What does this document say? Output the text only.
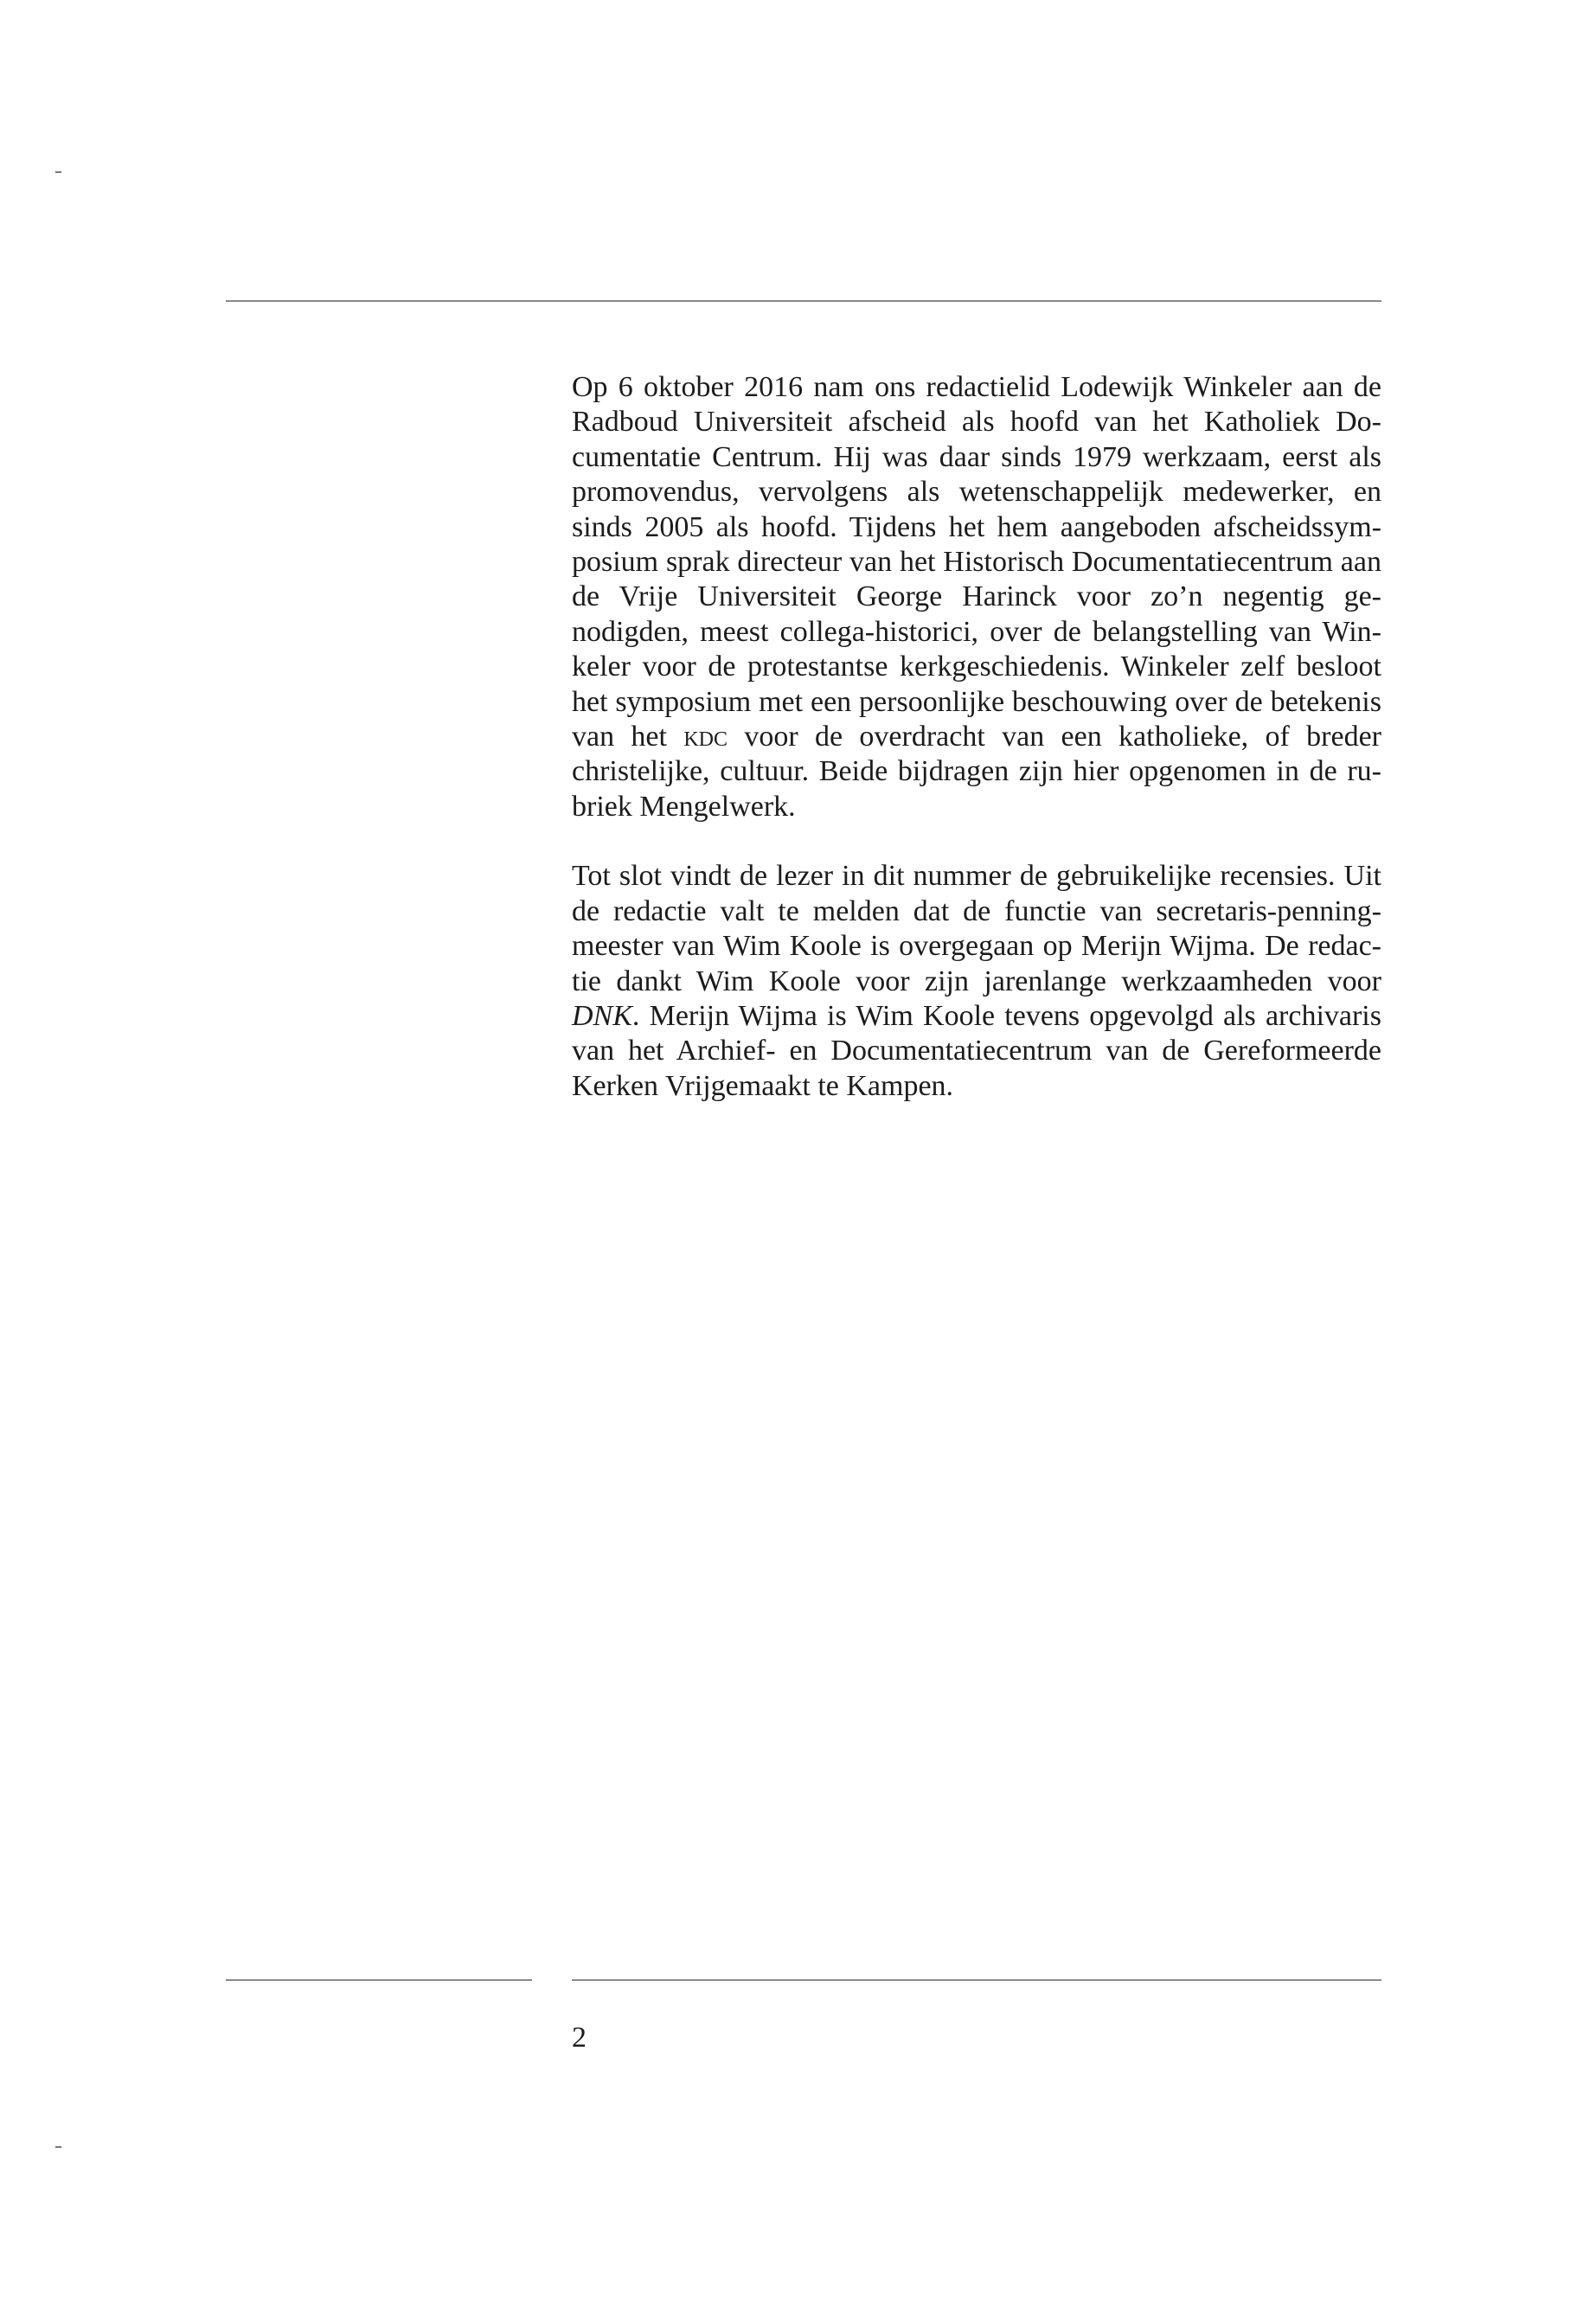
Op 6 oktober 2016 nam ons redactielid Lodewijk Winkeler aan de Radboud Universiteit afscheid als hoofd van het Katholiek Documentatie Centrum. Hij was daar sinds 1979 werkzaam, eerst als promovendus, vervolgens als wetenschappelijk medewerker, en sinds 2005 als hoofd. Tijdens het hem aangeboden afscheidssymposium sprak directeur van het Historisch Documentatiecentrum aan de Vrije Universiteit George Harinck voor zo’n negentig genodigden, meest collega-historici, over de belangstelling van Winkeler voor de protestantse kerkgeschiedenis. Winkeler zelf besloot het symposium met een persoonlijke beschouwing over de betekenis van het kdc voor de overdracht van een katholieke, of breder christelijke, cultuur. Beide bijdragen zijn hier opgenomen in de rubriek Mengelwerk.

Tot slot vindt de lezer in dit nummer de gebruikelijke recensies. Uit de redactie valt te melden dat de functie van secretaris-penningmeester van Wim Koole is overgegaan op Merijn Wijma. De redactie dankt Wim Koole voor zijn jarenlange werkzaamheden voor DNK. Merijn Wijma is Wim Koole tevens opgevolgd als archivaris van het Archief- en Documentatiecentrum van de Gereformeerde Kerken Vrijgemaakt te Kampen.

2
